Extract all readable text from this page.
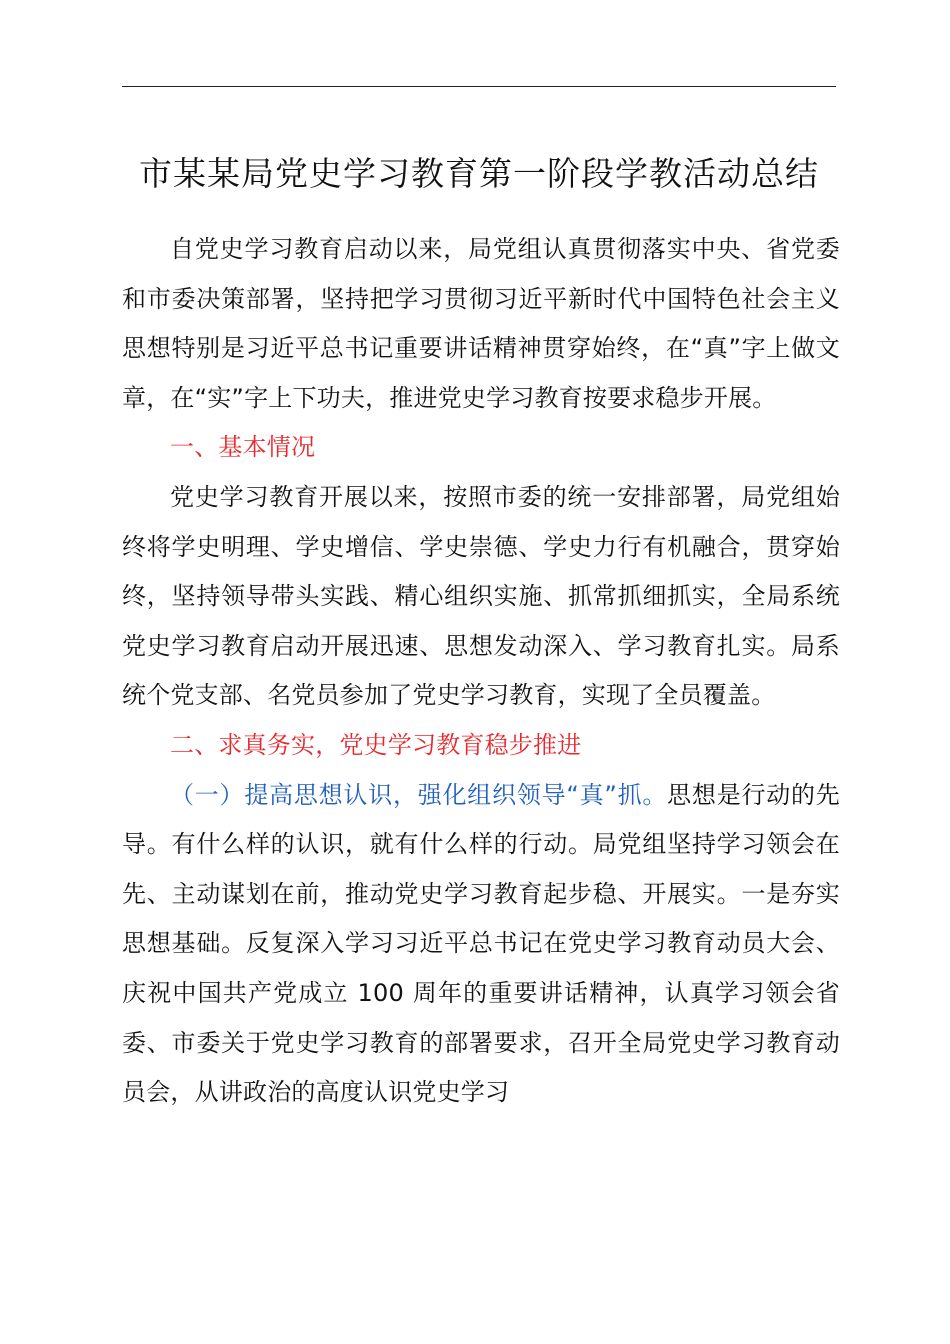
市某某局党史学习教育第一阶段学教活动总结

自党史学习教育启动以来，局党组认真贯彻落实中央、省党委和市委决策部署，坚持把学习贯彻习近平新时代中国特色社会主义思想特别是习近平总书记重要讲话精神贯穿始终，在“真”字上做文章，在“实”字上下功夫，推进党史学习教育按要求稳步开展。

一、基本情况

党史学习教育开展以来，按照市委的统一安排部署，局党组始终将学史明理、学史增信、学史崇德、学史力行有机融合，贯穿始终，坚持领导带头实践、精心组织实施、抓常抓细抓实，全局系统党史学习教育启动开展迅速、思想发动深入、学习教育扎实。局系统个党支部、名党员参加了党史学习教育，实现了全员覆盖。

二、求真务实，党史学习教育稳步推进

（一）提高思想认识，强化组织领导“真”抓。思想是行动的先导。有什么样的认识，就有什么样的行动。局党组坚持学习领会在先、主动谋划在前，推动党史学习教育起步稳、开展实。一是夯实思想基础。反复深入学习习近平总书记在党史学习教育动员大会、庆祝中国共产党成立 100 周年的重要讲话精神，认真学习领会省委、市委关于党史学习教育的部署要求，召开全局党史学习教育动员会，从讲政治的高度认识党史学习
